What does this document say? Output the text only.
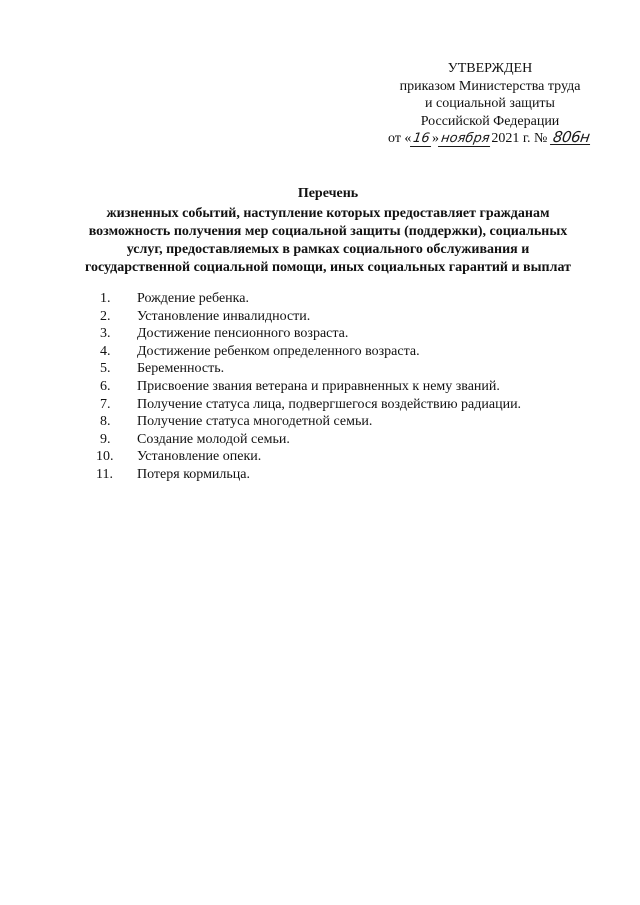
УТВЕРЖДЕН
приказом Министерства труда
и социальной защиты
Российской Федерации
от «16»ноября2021 г. № 806н
Перечень
жизненных событий, наступление которых предоставляет гражданам
возможность получения мер социальной защиты (поддержки), социальных
услуг, предоставляемых в рамках социального обслуживания и
государственной социальной помощи, иных социальных гарантий и выплат
1.	Рождение ребенка.
2.	Установление инвалидности.
3.	Достижение пенсионного возраста.
4.	Достижение ребенком определенного возраста.
5.	Беременность.
6.	Присвоение звания ветерана и приравненных к нему званий.
7.	Получение статуса лица, подвергшегося воздействию радиации.
8.	Получение статуса многодетной семьи.
9.	Создание молодой семьи.
10.	Установление опеки.
11.	Потеря кормильца.
